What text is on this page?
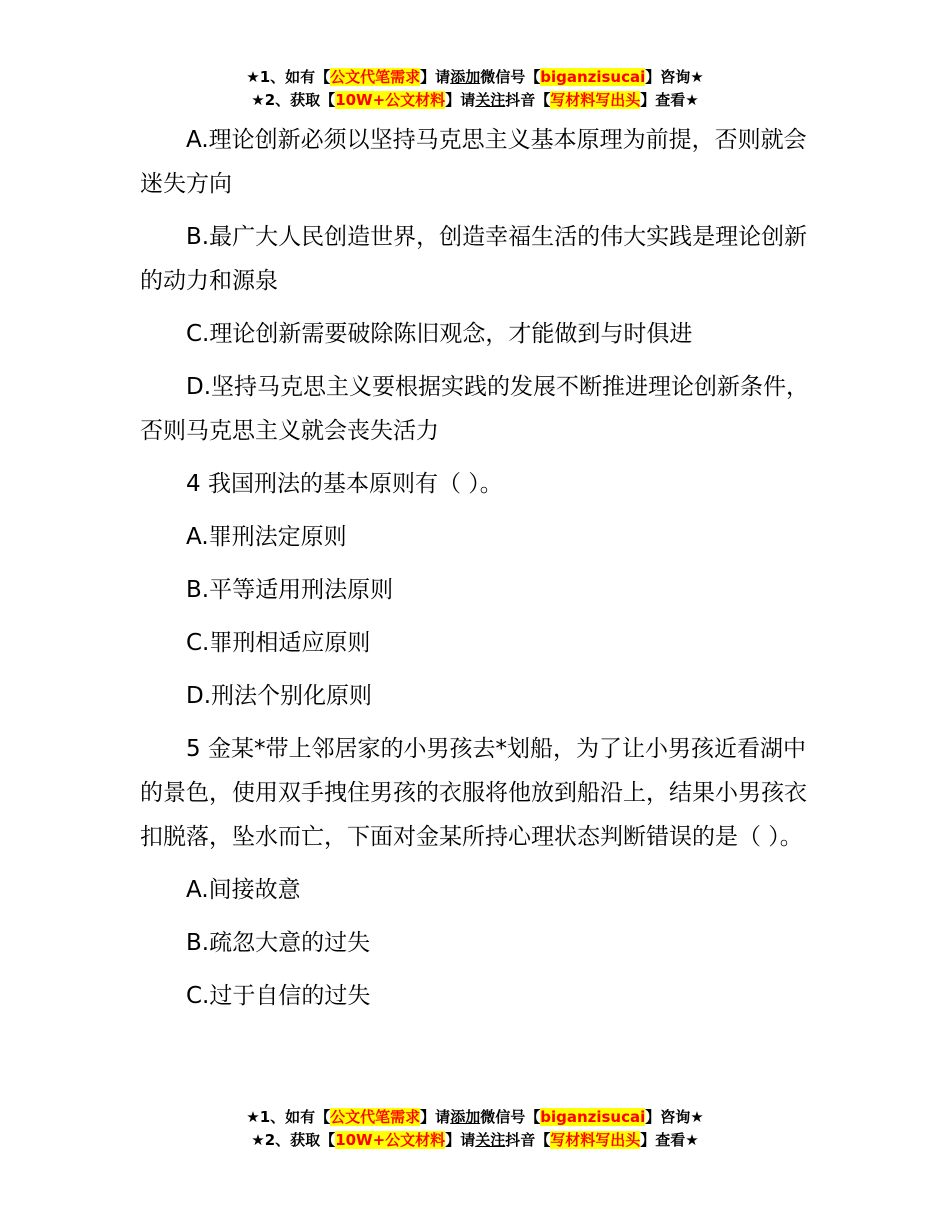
★1、如有【公文代笔需求】请添加微信号【biganzisucai】咨询★
★2、获取【10W+公文材料】请关注抖音【写材料写出头】查看★

A.理论创新必须以坚持马克思主义基本原理为前提，否则就会迷失方向

B.最广大人民创造世界，创造幸福生活的伟大实践是理论创新的动力和源泉

C.理论创新需要破除陈旧观念，才能做到与时俱进

D.坚持马克思主义要根据实践的发展不断推进理论创新条件，否则马克思主义就会丧失活力

4 我国刑法的基本原则有（ ）。

A.罪刑法定原则

B.平等适用刑法原则

C.罪刑相适应原则

D.刑法个别化原则

5 金某*带上邻居家的小男孩去*划船，为了让小男孩近看湖中的景色，使用双手拽住男孩的衣服将他放到船沿上，结果小男孩衣扣脱落，坠水而亡，下面对金某所持心理状态判断错误的是（ ）。

A.间接故意

B.疏忽大意的过失

C.过于自信的过失

★1、如有【公文代笔需求】请添加微信号【biganzisucai】咨询★
★2、获取【10W+公文材料】请关注抖音【写材料写出头】查看★
